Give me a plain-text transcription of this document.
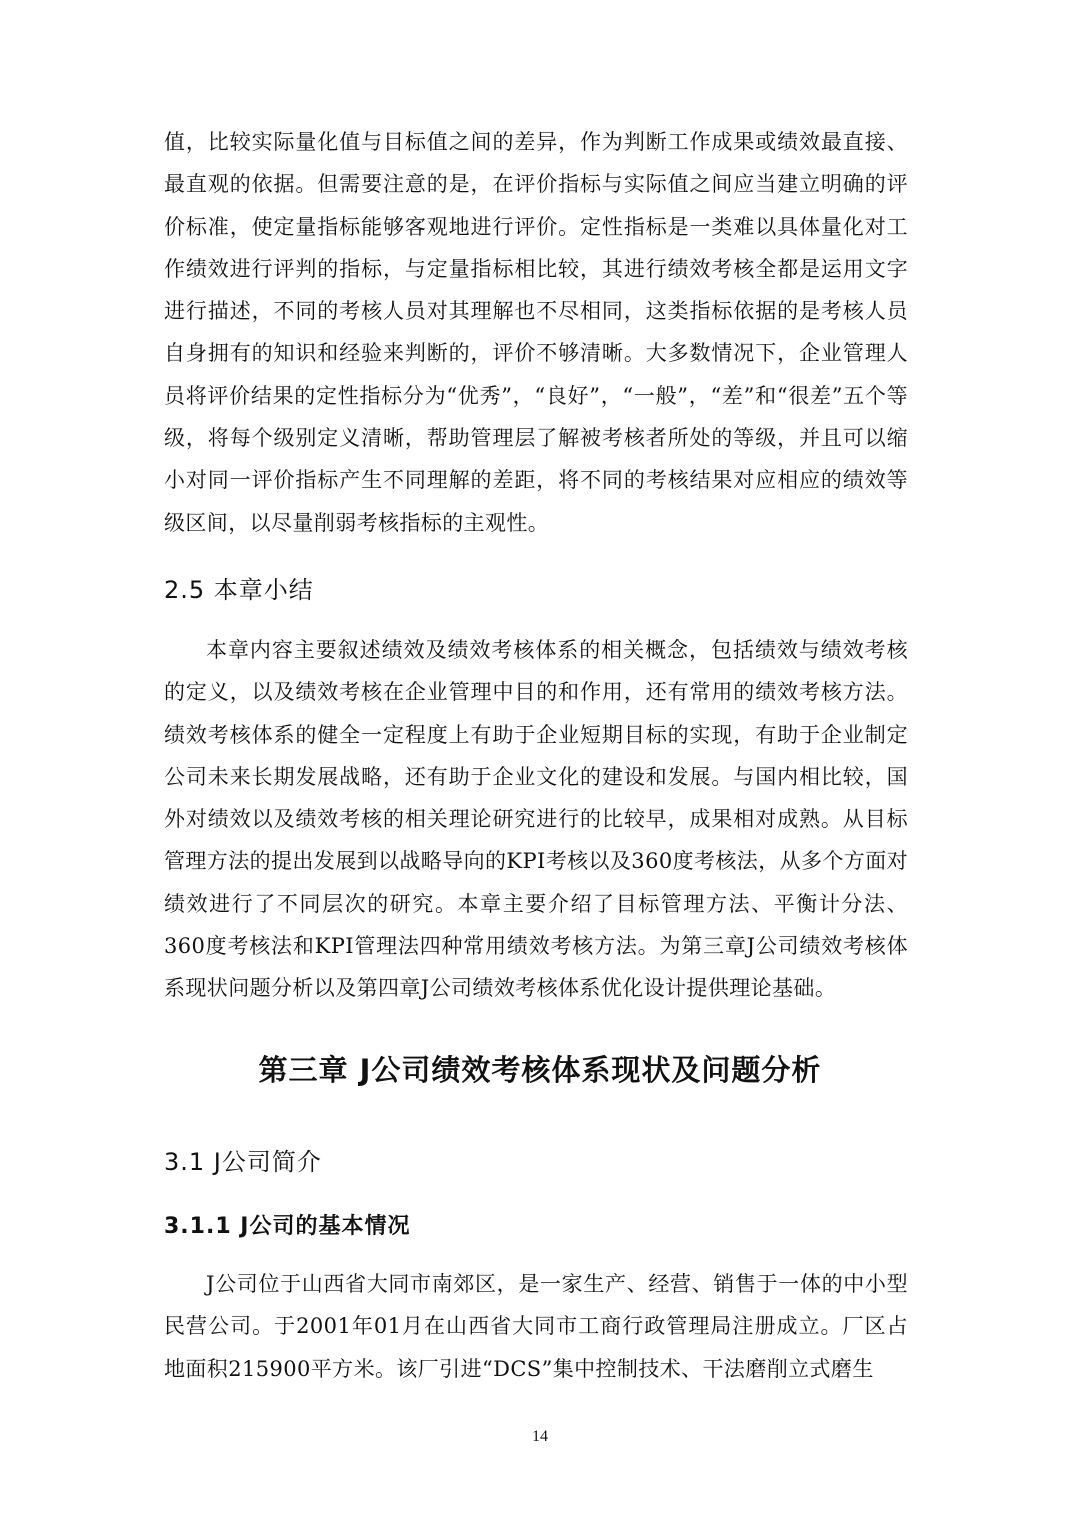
值，比较实际量化值与目标值之间的差异，作为判断工作成果或绩效最直接、最直观的依据。但需要注意的是，在评价指标与实际值之间应当建立明确的评价标准，使定量指标能够客观地进行评价。定性指标是一类难以具体量化对工作绩效进行评判的指标，与定量指标相比较，其进行绩效考核全都是运用文字进行描述，不同的考核人员对其理解也不尽相同，这类指标依据的是考核人员自身拥有的知识和经验来判断的，评价不够清晰。大多数情况下，企业管理人员将评价结果的定性指标分为“优秀”，“良好”，“一般”，“差”和“很差”五个等级，将每个级别定义清晰，帮助管理层了解被考核者所处的等级，并且可以缩小对同一评价指标产生不同理解的差距，将不同的考核结果对应相应的绩效等级区间，以尽量削弱考核指标的主观性。

2.5 本章小结

本章内容主要叙述绩效及绩效考核体系的相关概念，包括绩效与绩效考核的定义，以及绩效考核在企业管理中目的和作用，还有常用的绩效考核方法。绩效考核体系的健全一定程度上有助于企业短期目标的实现，有助于企业制定公司未来长期发展战略，还有助于企业文化的建设和发展。与国内相比较，国外对绩效以及绩效考核的相关理论研究进行的比较早，成果相对成熟。从目标管理方法的提出发展到以战略导向的KPI考核以及360度考核法，从多个方面对绩效进行了不同层次的研究。本章主要介绍了目标管理方法、平衡计分法、360度考核法和KPI管理法四种常用绩效考核方法。为第三章J公司绩效考核体系现状问题分析以及第四章J公司绩效考核体系优化设计提供理论基础。

第三章 J公司绩效考核体系现状及问题分析
3.1 J公司简介
3.1.1 J公司的基本情况

J公司位于山西省大同市南郊区，是一家生产、经营、销售于一体的中小型民营公司。于2001年01月在山西省大同市工商行政管理局注册成立。厂区占地面积215900平方米。该厂引进“DCS”集中控制技术、干法磨削立式磨生

14
